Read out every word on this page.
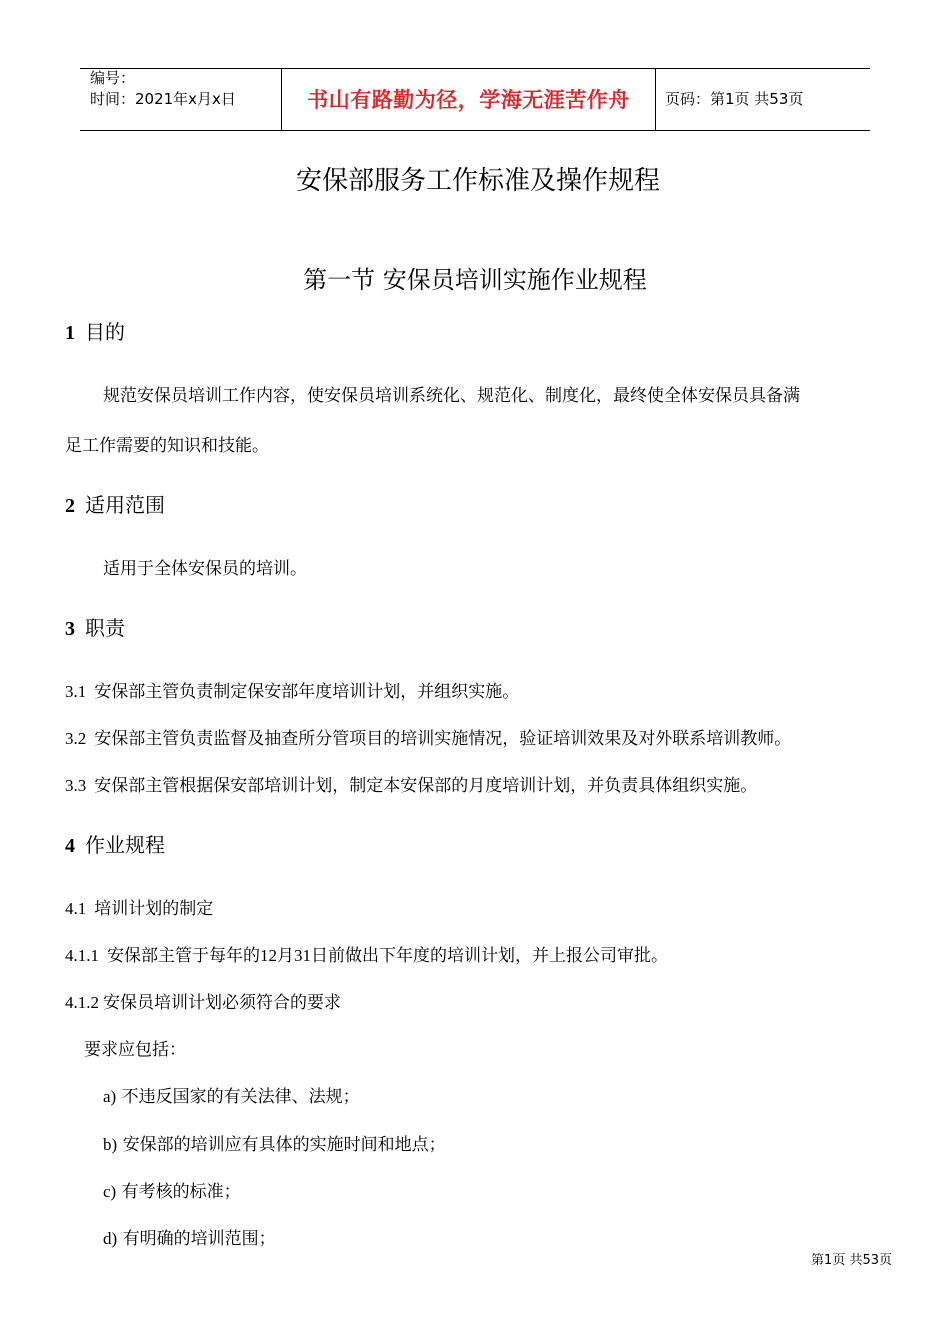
编号：
时间：2021年x月x日	书山有路勤为径，学海无涯苦作舟	页码：第1页 共53页
安保部服务工作标准及操作规程
第一节 安保员培训实施作业规程
1 目的
规范安保员培训工作内容，使安保员培训系统化、规范化、制度化，最终使全体安保员具备满
足工作需要的知识和技能。
2 适用范围
适用于全体安保员的培训。
3 职责
3.1 安保部主管负责制定保安部年度培训计划，并组织实施。
3.2 安保部主管负责监督及抽查所分管项目的培训实施情况，验证培训效果及对外联系培训教师。
3.3 安保部主管根据保安部培训计划，制定本安保部的月度培训计划，并负责具体组织实施。
4 作业规程
4.1 培训计划的制定
4.1.1 安保部主管于每年的12月31日前做出下年度的培训计划，并上报公司审批。
4.1.2 安保员培训计划必须符合的要求
要求应包括：
a) 不违反国家的有关法律、法规；
b) 安保部的培训应有具体的实施时间和地点；
c) 有考核的标准；
d) 有明确的培训范围；
第1页 共53页
